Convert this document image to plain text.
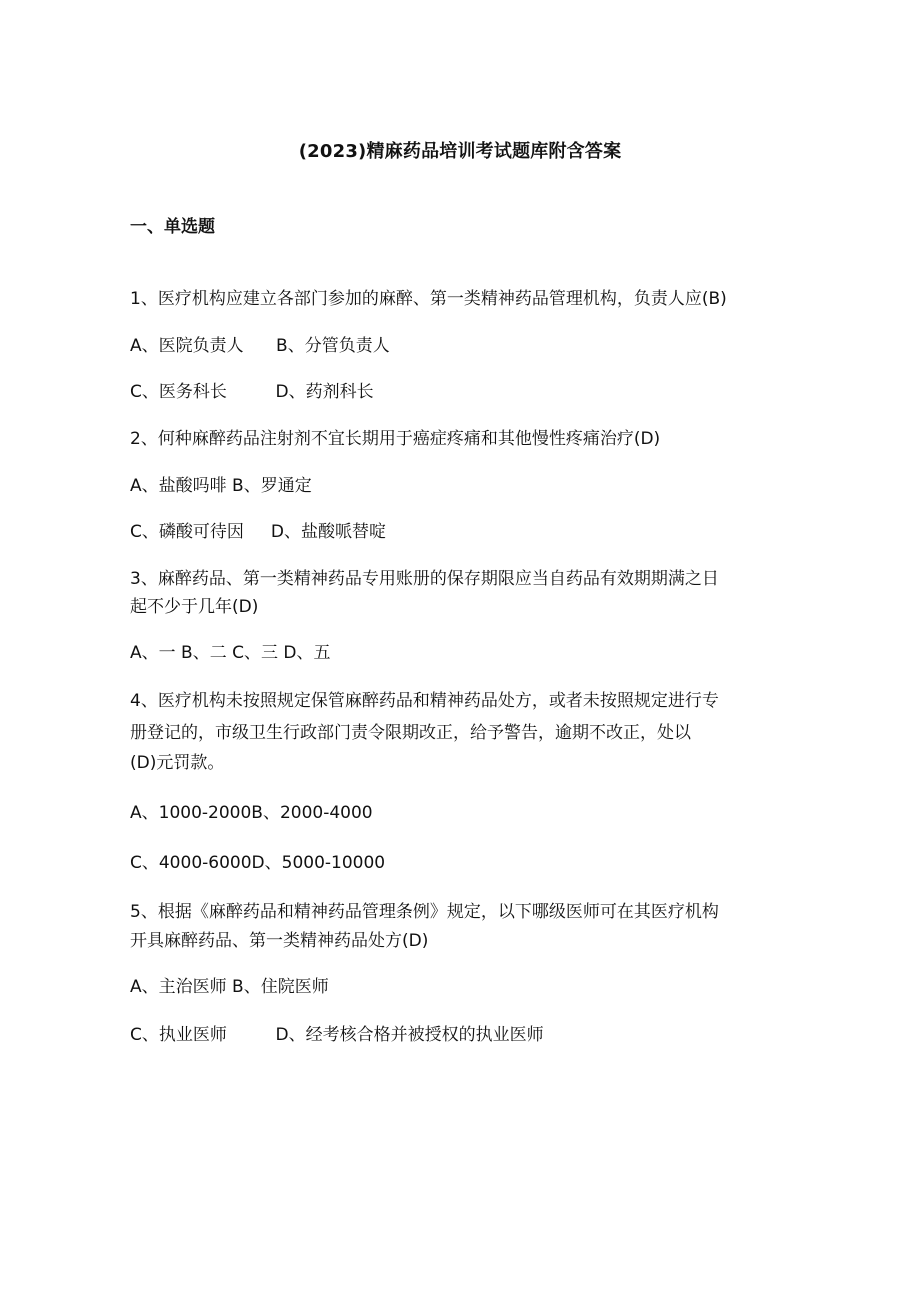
(2023)精麻药品培训考试题库附含答案
一、单选题
1、医疗机构应建立各部门参加的麻醉、第一类精神药品管理机构，负责人应(B)
A、医院负责人      B、分管负责人
C、医务科长         D、药剂科长
2、何种麻醉药品注射剂不宜长期用于癌症疼痛和其他慢性疼痛治疗(D)
A、盐酸吗啡 B、罗通定
C、磷酸可待因     D、盐酸哌替啶
3、麻醉药品、第一类精神药品专用账册的保存期限应当自药品有效期期满之日
起不少于几年(D)
A、一 B、二 C、三 D、五
4、医疗机构未按照规定保管麻醉药品和精神药品处方，或者未按照规定进行专
册登记的，市级卫生行政部门责令限期改正，给予警告，逾期不改正，处以
(D)元罚款。
A、1000-2000B、2000-4000
C、4000-6000D、5000-10000
5、根据《麻醉药品和精神药品管理条例》规定，以下哪级医师可在其医疗机构
开具麻醉药品、第一类精神药品处方(D)
A、主治医师 B、住院医师
C、执业医师         D、经考核合格并被授权的执业医师
